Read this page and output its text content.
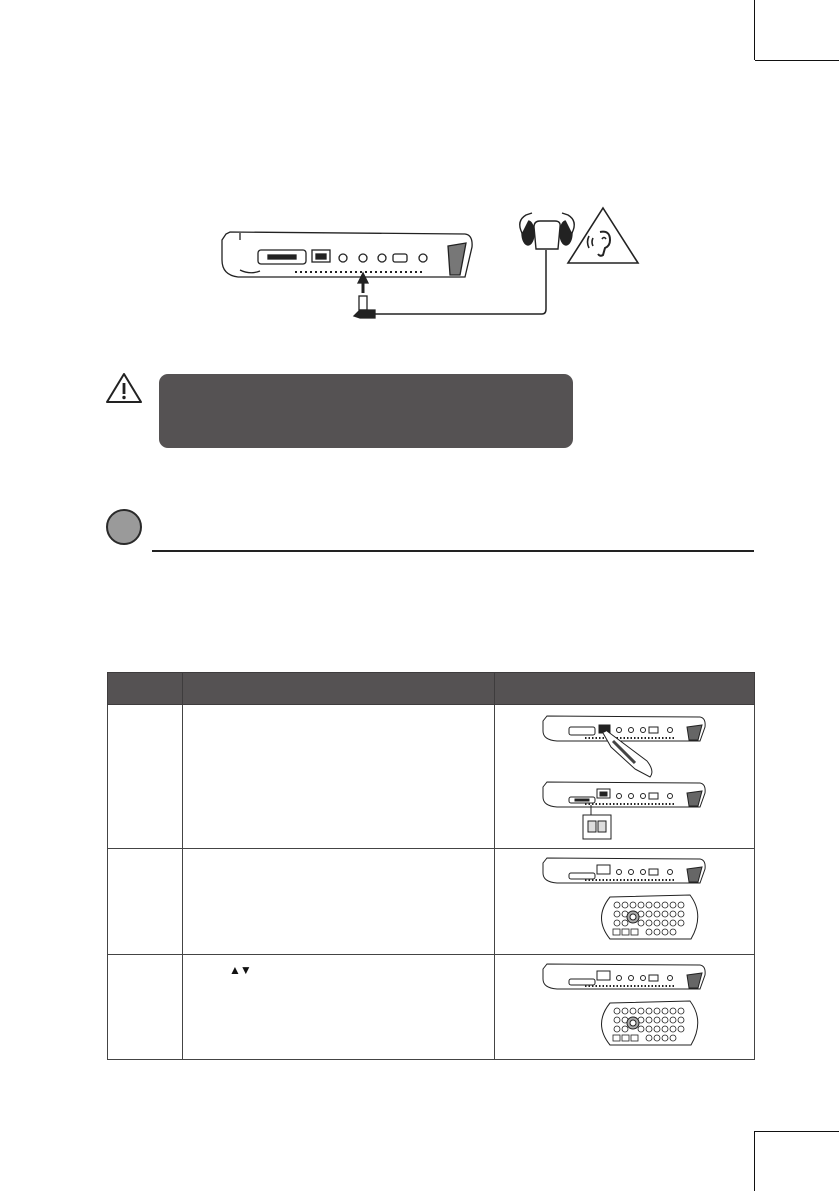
	▲▼
